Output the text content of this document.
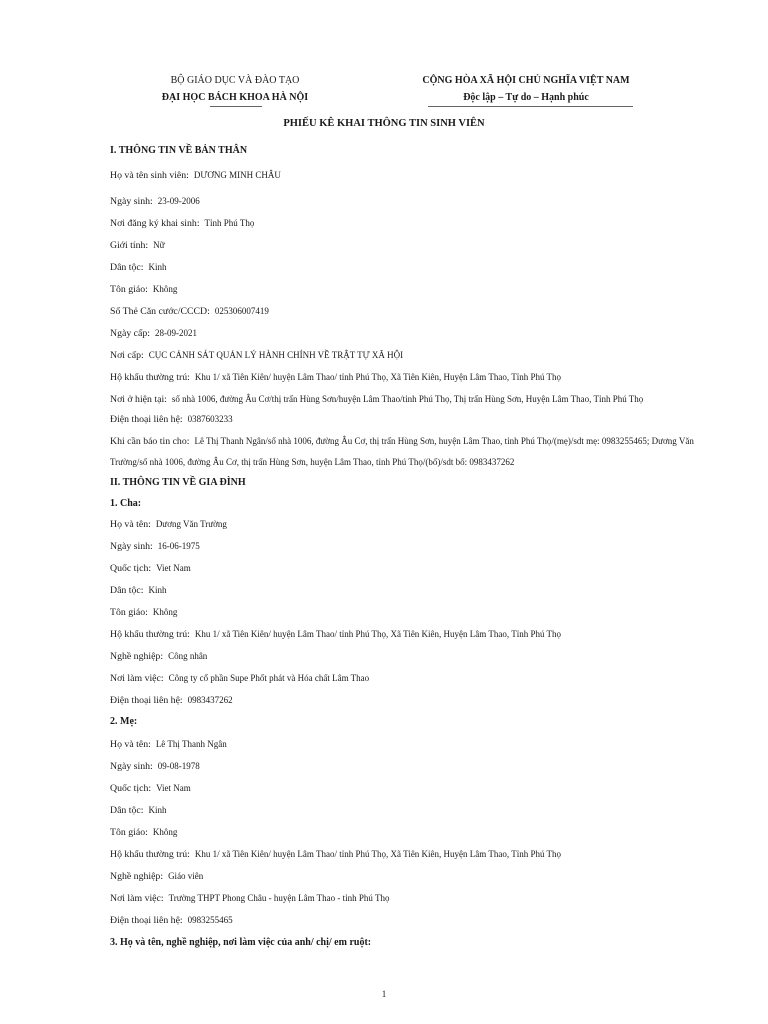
BỘ GIÁO DỤC VÀ ĐÀO TẠO
ĐẠI HỌC BÁCH KHOA HÀ NỘI
CỘNG HÒA XÃ HỘI CHỦ NGHĨA VIỆT NAM
Độc lập – Tự do – Hạnh phúc
PHIẾU KÊ KHAI THÔNG TIN SINH VIÊN
I. THÔNG TIN VỀ BẢN THÂN
Họ và tên sinh viên: DƯƠNG MINH CHÂU
Ngày sinh: 23-09-2006
Nơi đăng ký khai sinh: Tỉnh Phú Thọ
Giới tính: Nữ
Dân tộc: Kinh
Tôn giáo: Không
Số Thẻ Căn cước/CCCD: 025306007419
Ngày cấp: 28-09-2021
Nơi cấp: CỤC CẢNH SÁT QUẢN LÝ HÀNH CHÍNH VỀ TRẬT TỰ XÃ HỘI
Hộ khẩu thường trú: Khu 1/ xã Tiên Kiên/ huyện Lâm Thao/ tỉnh Phú Thọ, Xã Tiên Kiên, Huyện Lâm Thao, Tỉnh Phú Thọ
Nơi ở hiện tại: số nhà 1006, đường Âu Cơ/thị trấn Hùng Sơn/huyện Lâm Thao/tỉnh Phú Thọ, Thị trấn Hùng Sơn, Huyện Lâm Thao, Tỉnh Phú Thọ
Điện thoại liên hệ: 0387603233
Khi cần báo tin cho: Lê Thị Thanh Ngân/số nhà 1006, đường Âu Cơ, thị trấn Hùng Sơn, huyện Lâm Thao, tỉnh Phú Thọ/(mẹ)/sdt mẹ: 0983255465; Dương Văn Trường/số nhà 1006, đường Âu Cơ, thị trấn Hùng Sơn, huyện Lâm Thao, tỉnh Phú Thọ/(bố)/sdt bố: 0983437262
II. THÔNG TIN VỀ GIA ĐÌNH
1. Cha:
Họ và tên: Dương Văn Trường
Ngày sinh: 16-06-1975
Quốc tịch: Viet Nam
Dân tộc: Kinh
Tôn giáo: Không
Hộ khẩu thường trú: Khu 1/ xã Tiên Kiên/ huyện Lâm Thao/ tỉnh Phú Thọ, Xã Tiên Kiên, Huyện Lâm Thao, Tỉnh Phú Thọ
Nghề nghiệp: Công nhân
Nơi làm việc: Công ty cổ phần Supe Phốt phát và Hóa chất Lâm Thao
Điện thoại liên hệ: 0983437262
2. Mẹ:
Họ và tên: Lê Thị Thanh Ngân
Ngày sinh: 09-08-1978
Quốc tịch: Viet Nam
Dân tộc: Kinh
Tôn giáo: Không
Hộ khẩu thường trú: Khu 1/ xã Tiên Kiên/ huyện Lâm Thao/ tỉnh Phú Thọ, Xã Tiên Kiên, Huyện Lâm Thao, Tỉnh Phú Thọ
Nghề nghiệp: Giáo viên
Nơi làm việc: Trường THPT Phong Châu - huyện Lâm Thao - tỉnh Phú Thọ
Điện thoại liên hệ: 0983255465
3. Họ và tên, nghề nghiệp, nơi làm việc của anh/ chị/ em ruột:
1
